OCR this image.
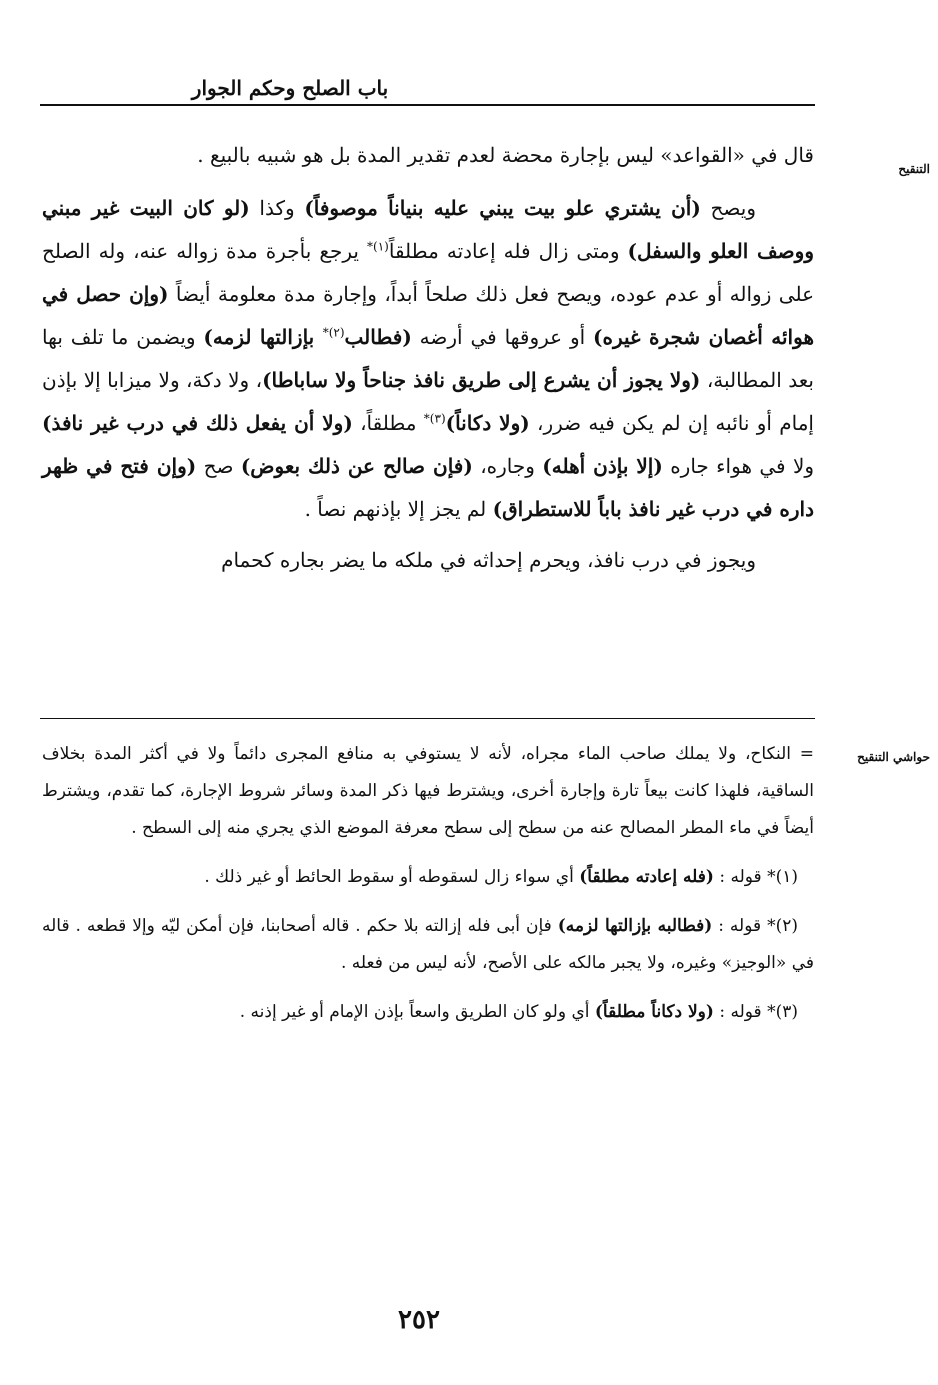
باب الصلح وحكم الجوار
التنقيح

قال في «القواعد» ليس بإجارة محضة لعدم تقدير المدة بل هو شبيه بالبيع .

ويصح (أن يشتري علو بيت يبني عليه بنياناً موصوفاً) وكذا (لو كان البيت غير مبني ووصف العلو والسفل) ومتى زال فله إعادته مطلقاً$^{(١)*}$ يرجع بأجرة مدة زواله عنه، وله الصلح على زواله أو عدم عوده، ويصح فعل ذلك صلحاً أبداً، وإجارة مدة معلومة أيضاً (وإن حصل في هوائه أغصان شجرة غيره) أو عروقها في أرضه (فطالب$^{(٢)*}$ بإزالتها لزمه) ويضمن ما تلف بها بعد المطالبة، (ولا يجوز أن يشرع إلى طريق نافذ جناحاً ولا ساباطا)، ولا دكة، ولا ميزابا إلا بإذن إمام أو نائبه إن لم يكن فيه ضرر، (ولا دكاناً)$^{(٣)*}$ مطلقاً، (ولا أن يفعل ذلك في درب غير نافذ) ولا في هواء جاره (إلا بإذن أهله) وجاره، (فإن صالح عن ذلك بعوض) صح (وإن فتح في ظهر داره في درب غير نافذ باباً للاستطراق) لم يجز إلا بإذنهم نصاً .

ويجوز في درب نافذ، ويحرم إحداثه في ملكه ما يضر بجاره كحمام

حواشي التنقيح

= النكاح، ولا يملك صاحب الماء مجراه، لأنه لا يستوفي به منافع المجرى دائماً ولا في أكثر المدة بخلاف الساقية، فلهذا كانت بيعاً تارة وإجارة أخرى، ويشترط فيها ذكر المدة وسائر شروط الإجارة، كما تقدم، ويشترط أيضاً في ماء المطر المصالح عنه من سطح إلى سطح معرفة الموضع الذي يجري منه إلى السطح .

(١)* قوله : (فله إعادته مطلقاً) أي سواء زال لسقوطه أو سقوط الحائط أو غير ذلك .

(٢)* قوله : (فطالبه بإزالتها لزمه) فإن أبى فله إزالته بلا حكم . قاله أصحابنا، فإن أمكن ليّه وإلا قطعه . قاله في «الوجيز» وغيره، ولا يجبر مالكه على الأصح، لأنه ليس من فعله .

(٣)* قوله : (ولا دكاناً مطلقاً) أي ولو كان الطريق واسعاً بإذن الإمام أو غير إذنه .

٢٥٢
